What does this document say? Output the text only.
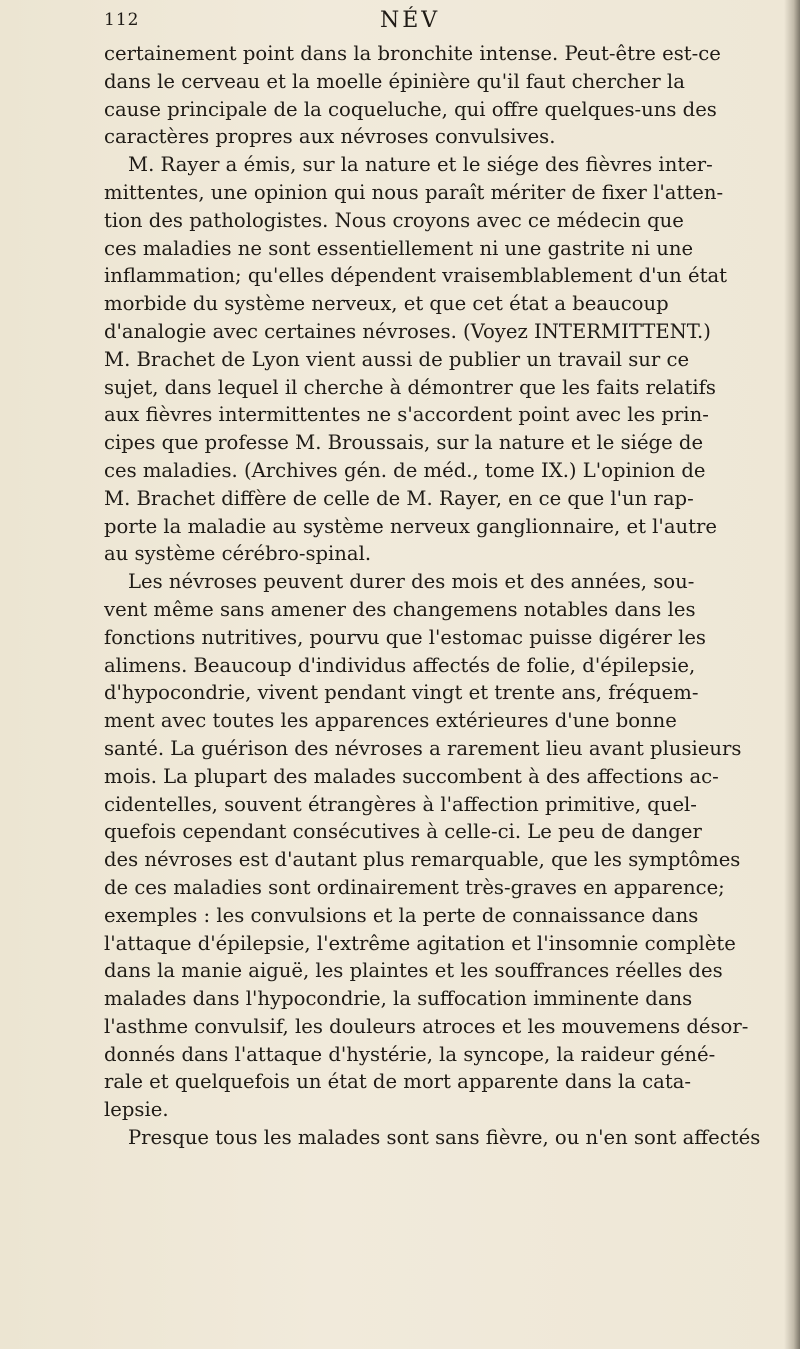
112	NÉV
certainement point dans la bronchite intense. Peut-être est-ce
dans le cerveau et la moelle épinière qu'il faut chercher la
cause principale de la coqueluche, qui offre quelques-uns des
caractères propres aux névroses convulsives.
M. Rayer a émis, sur la nature et le siége des fièvres inter-
mittentes, une opinion qui nous paraît mériter de fixer l'atten-
tion des pathologistes. Nous croyons avec ce médecin que
ces maladies ne sont essentiellement ni une gastrite ni une
inflammation; qu'elles dépendent vraisemblablement d'un état
morbide du système nerveux, et que cet état a beaucoup
d'analogie avec certaines névroses. (Voyez INTERMITTENT.)
M. Brachet de Lyon vient aussi de publier un travail sur ce
sujet, dans lequel il cherche à démontrer que les faits relatifs
aux fièvres intermittentes ne s'accordent point avec les prin-
cipes que professe M. Broussais, sur la nature et le siége de
ces maladies. (Archives gén. de méd., tome IX.) L'opinion de
M. Brachet diffère de celle de M. Rayer, en ce que l'un rap-
porte la maladie au système nerveux ganglionnaire, et l'autre
au système cérébro-spinal.
Les névroses peuvent durer des mois et des années, sou-
vent même sans amener des changemens notables dans les
fonctions nutritives, pourvu que l'estomac puisse digérer les
alimens. Beaucoup d'individus affectés de folie, d'épilepsie,
d'hypocondrie, vivent pendant vingt et trente ans, fréquem-
ment avec toutes les apparences extérieures d'une bonne
santé. La guérison des névroses a rarement lieu avant plusieurs
mois. La plupart des malades succombent à des affections ac-
cidentelles, souvent étrangères à l'affection primitive, quel-
quefois cependant consécutives à celle-ci. Le peu de danger
des névroses est d'autant plus remarquable, que les symptômes
de ces maladies sont ordinairement très-graves en apparence;
exemples : les convulsions et la perte de connaissance dans
l'attaque d'épilepsie, l'extrême agitation et l'insomnie complète
dans la manie aiguë, les plaintes et les souffrances réelles des
malades dans l'hypocondrie, la suffocation imminente dans
l'asthme convulsif, les douleurs atroces et les mouvemens désor-
donnés dans l'attaque d'hystérie, la syncope, la raideur géné-
rale et quelquefois un état de mort apparente dans la cata-
lepsie.
Presque tous les malades sont sans fièvre, ou n'en sont affectés
